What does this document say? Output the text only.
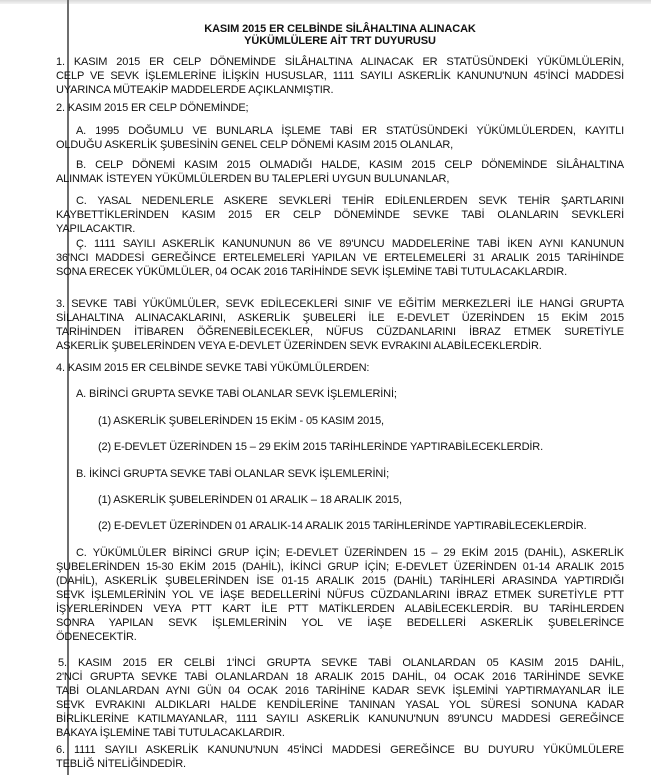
KASIM 2015 ER CELBİNDE SİLÂHALTINA ALINACAK
YÜKÜMLÜLERE AİT TRT DUYURUSU
1. KASIM 2015 ER CELP DÖNEMİNDE SİLÂHALTINA ALINACAK ER STATÜSÜNDEKİ YÜKÜMLÜLERİN,
CELP VE SEVK İŞLEMLERİNE İLİŞKİN HUSUSLAR, 1111 SAYILI ASKERLİK KANUNU'NUN 45'İNCİ MADDESİ
UYARINCA MÜTEAKİP MADDELERDE AÇIKLANMIŞTIR.
2. KASIM 2015 ER CELP DÖNEMİNDE;
A. 1995 DOĞUMLU VE BUNLARLA İŞLEME TABİ ER STATÜSÜNDEKİ YÜKÜMLÜLERDEN, KAYITLI
OLDUĞU ASKERLİK ŞUBESİNİN GENEL CELP DÖNEMİ KASIM 2015 OLANLAR,
B. CELP DÖNEMİ KASIM 2015 OLMADIĞI HALDE, KASIM 2015 CELP DÖNEMİNDE SİLÂHALTINA
ALINMAK İSTEYEN YÜKÜMLÜLERDEN BU TALEPLERİ UYGUN BULUNANLAR,
C. YASAL NEDENLERLE ASKERE SEVKLERİ TEHİR EDİLENLERDEN SEVK TEHİR ŞARTLARINI
KAYBETTİKLERİNDEN KASIM 2015 ER CELP DÖNEMİNDE SEVKE TABİ OLANLARIN SEVKLERİ
YAPILACAKTIR.
Ç. 1111 SAYILI ASKERLİK KANUNUNUN 86 VE 89'UNCU MADDELERİNE TABİ İKEN AYNI KANUNUN
36'NCI MADDESİ GEREĞİNCE ERTELEMELERİ YAPILAN VE ERTELEMELERİ 31 ARALIK 2015 TARİHİNDE
SONA ERECEK YÜKÜMLÜLER, 04 OCAK 2016 TARİHİNDE SEVK İŞLEMİNE TABİ TUTULACAKLARDIR.
3. SEVKE TABİ YÜKÜMLÜLER, SEVK EDİLECEKLERİ SINIF VE EĞİTİM MERKEZLERİ İLE HANGİ GRUPTA
SİLAHALTINA ALINACAKLARINI, ASKERLİK ŞUBELERİ İLE E-DEVLET ÜZERİNDEN 15 EKİM 2015
TARİHİNDEN İTİBAREN ÖĞRENEBİLECEKLER, NÜFUS CÜZDANLARINI İBRAZ ETMEK SURETİYLE
ASKERLİK ŞUBELERİNDEN VEYA E-DEVLET ÜZERİNDEN SEVK EVRAKINI ALABİLECEKLERDİR.
4. KASIM 2015 ER CELBİNDE SEVKE TABİ YÜKÜMLÜLERDEN:
A. BİRİNCİ GRUPTA SEVKE TABİ OLANLAR SEVK İŞLEMLERİNİ;
(1) ASKERLİK ŞUBELERİNDEN 15 EKİM - 05 KASIM 2015,
(2) E-DEVLET ÜZERİNDEN 15 – 29 EKİM 2015 TARİHLERİNDE YAPTIRABİLECEKLERDİR.
B. İKİNCİ GRUPTA SEVKE TABİ OLANLAR SEVK İŞLEMLERİNİ;
(1) ASKERLİK ŞUBELERİNDEN 01 ARALIK – 18 ARALIK 2015,
(2) E-DEVLET ÜZERİNDEN 01 ARALIK-14 ARALIK 2015 TARİHLERİNDE YAPTIRABİLECEKLERDİR.
C. YÜKÜMLÜLER BİRİNCİ GRUP İÇİN; E-DEVLET ÜZERİNDEN 15 – 29 EKİM 2015 (DAHİL), ASKERLİK
ŞUBELERİNDEN 15-30 EKİM 2015 (DAHİL), İKİNCİ GRUP İÇİN; E-DEVLET ÜZERİNDEN 01-14 ARALIK 2015
(DAHİL), ASKERLİK ŞUBELERİNDEN İSE 01-15 ARALIK 2015 (DAHİL) TARİHLERİ ARASINDA YAPTIRDIĞI
SEVK İŞLEMLERİNİN YOL VE İAŞE BEDELLERİNİ NÜFUS CÜZDANLARINI İBRAZ ETMEK SURETİYLE PTT
İŞYERLERİNDEN VEYA PTT KART İLE PTT MATİKLERDEN ALABİLECEKLERDİR. BU TARİHLERDEN
SONRA YAPILAN SEVK İŞLEMLERİNİN YOL VE İAŞE BEDELLERİ ASKERLİK ŞUBELERİNCE
ÖDENECEKTİR.
5. KASIM 2015 ER CELBİ 1'İNCİ GRUPTA SEVKE TABİ OLANLARDAN 05 KASIM 2015 DAHİL,
2'NCİ GRUPTA SEVKE TABİ OLANLARDAN 18 ARALIK 2015 DAHİL, 04 OCAK 2016 TARİHİNDE SEVKE
TABİ OLANLARDAN AYNI GÜN 04 OCAK 2016 TARİHİNE KADAR SEVK İŞLEMİNİ YAPTIRMAYANLAR İLE
SEVK EVRAKINI ALDIKLARI HALDE KENDİLERİNE TANINAN YASAL YOL SÜRESİ SONUNA KADAR
BİRLİKLERİNE KATILMAYANLAR, 1111 SAYILI ASKERLİK KANUNU'NUN 89'UNCU MADDESİ GEREĞİNCE
BAKAYA İŞLEMİNE TABİ TUTULACAKLARDIR.
6. 1111 SAYILI ASKERLİK KANUNU'NUN 45'İNCİ MADDESİ GEREĞİNCE BU DUYURU YÜKÜMLÜLERE
TEBLİĞ NİTELİĞİNDEDİR.
